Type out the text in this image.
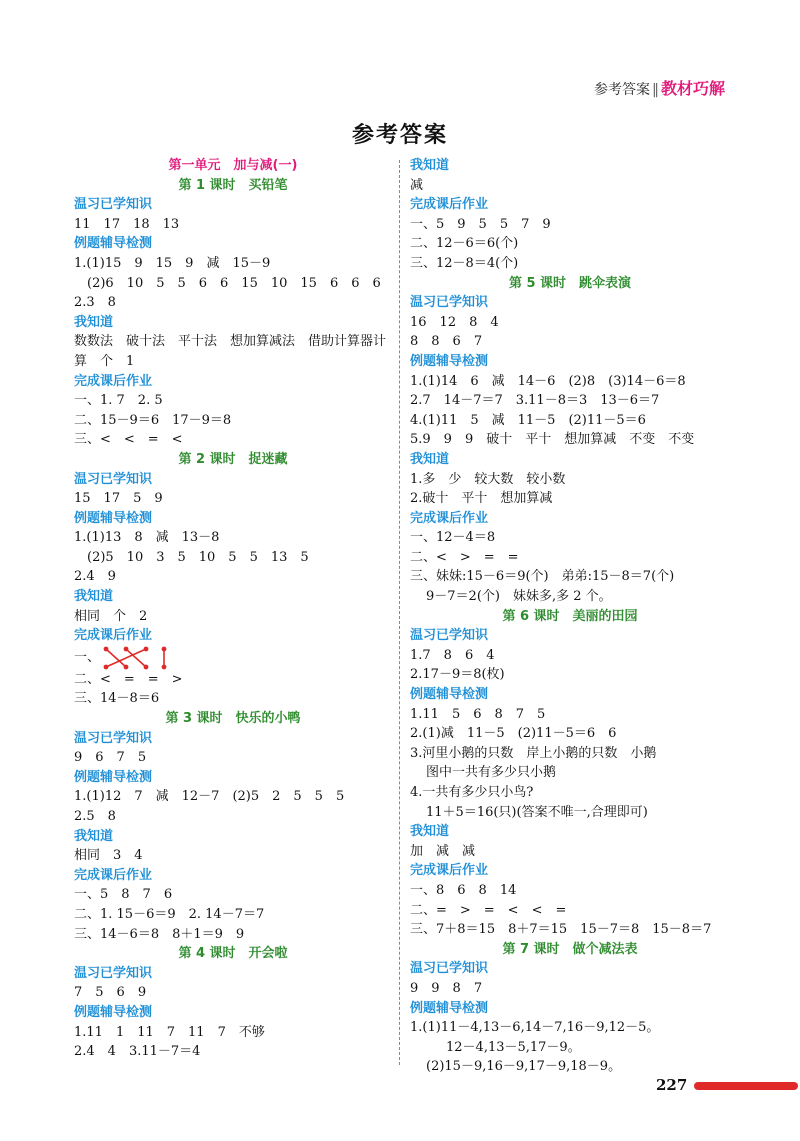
参考答案 ‖ 教材巧解
参考答案
第一单元　加与减(一)
第 1 课时　买铅笔
温习已学知识
11　17　18　13
例题辅导检测
1.(1)15　9　15　9　减　15－9
　(2)6　10　5　5　6　6　15　10　15　6　6　6
2.3　8
我知道
数数法　破十法　平十法　想加算减法　借助计算器计算　个　1
完成课后作业
一、1. 7　2. 5
二、15－9＝6　17－9＝8
三、<　<　=　<
第 2 课时　捉迷藏
温习已学知识
15　17　5　9
例题辅导检测
1.(1)13　8　减　13－8
　(2)5　10　3　5　10　5　5　13　5
2.4　9
我知道
相同　个　2
完成课后作业
一、
二、<　=　=　>
三、14－8＝6
第 3 课时　快乐的小鸭
温习已学知识
9　6　7　5
例题辅导检测
1.(1)12　7　减　12－7　(2)5　2　5　5　5
2.5　8
我知道
相同　3　4
完成课后作业
一、5　8　7　6
二、1. 15－6＝9　2. 14－7＝7
三、14－6＝8　8＋1＝9　9
第 4 课时　开会啦
温习已学知识
7　5　6　9
例题辅导检测
1.11　1　11　7　11　7　不够
2.4　4　3.11－7＝4
我知道
减
完成课后作业
一、5　9　5　5　7　9
二、12－6＝6(个)
三、12－8＝4(个)
第 5 课时　跳伞表演
温习已学知识
16　12　8　4
8　8　6　7
例题辅导检测
1.(1)14　6　减　14－6　(2)8　(3)14－6＝8
2.7　14－7＝7　3.11－8＝3　13－6＝7
4.(1)11　5　减　11－5　(2)11－5＝6
5.9　9　9　破十　平十　想加算减　不变　不变
我知道
1.多　少　较大数　较小数
2.破十　平十　想加算减
完成课后作业
一、12－4＝8
二、<　>　=　=
三、妹妹:15－6＝9(个)　弟弟:15－8＝7(个)
9－7＝2(个)　妹妹多,多 2 个。
第 6 课时　美丽的田园
温习已学知识
1.7　8　6　4
2.17－9＝8(枚)
例题辅导检测
1.11　5　6　8　7　5
2.(1)减　11－5　(2)11－5＝6　6
3.河里小鹅的只数　岸上小鹅的只数　小鹅
图中一共有多少只小鹅
4.一共有多少只小鸟?
11＋5＝16(只)(答案不唯一,合理即可)
我知道
加　减　减
完成课后作业
一、8　6　8　14
二、=　>　=　<　<　=
三、7＋8＝15　8＋7＝15　15－7＝8　15－8＝7
第 7 课时　做个减法表
温习已学知识
9　9　8　7
例题辅导检测
1.(1)11－4,13－6,14－7,16－9,12－5。
12－4,13－5,17－9。
(2)15－9,16－9,17－9,18－9。
227
